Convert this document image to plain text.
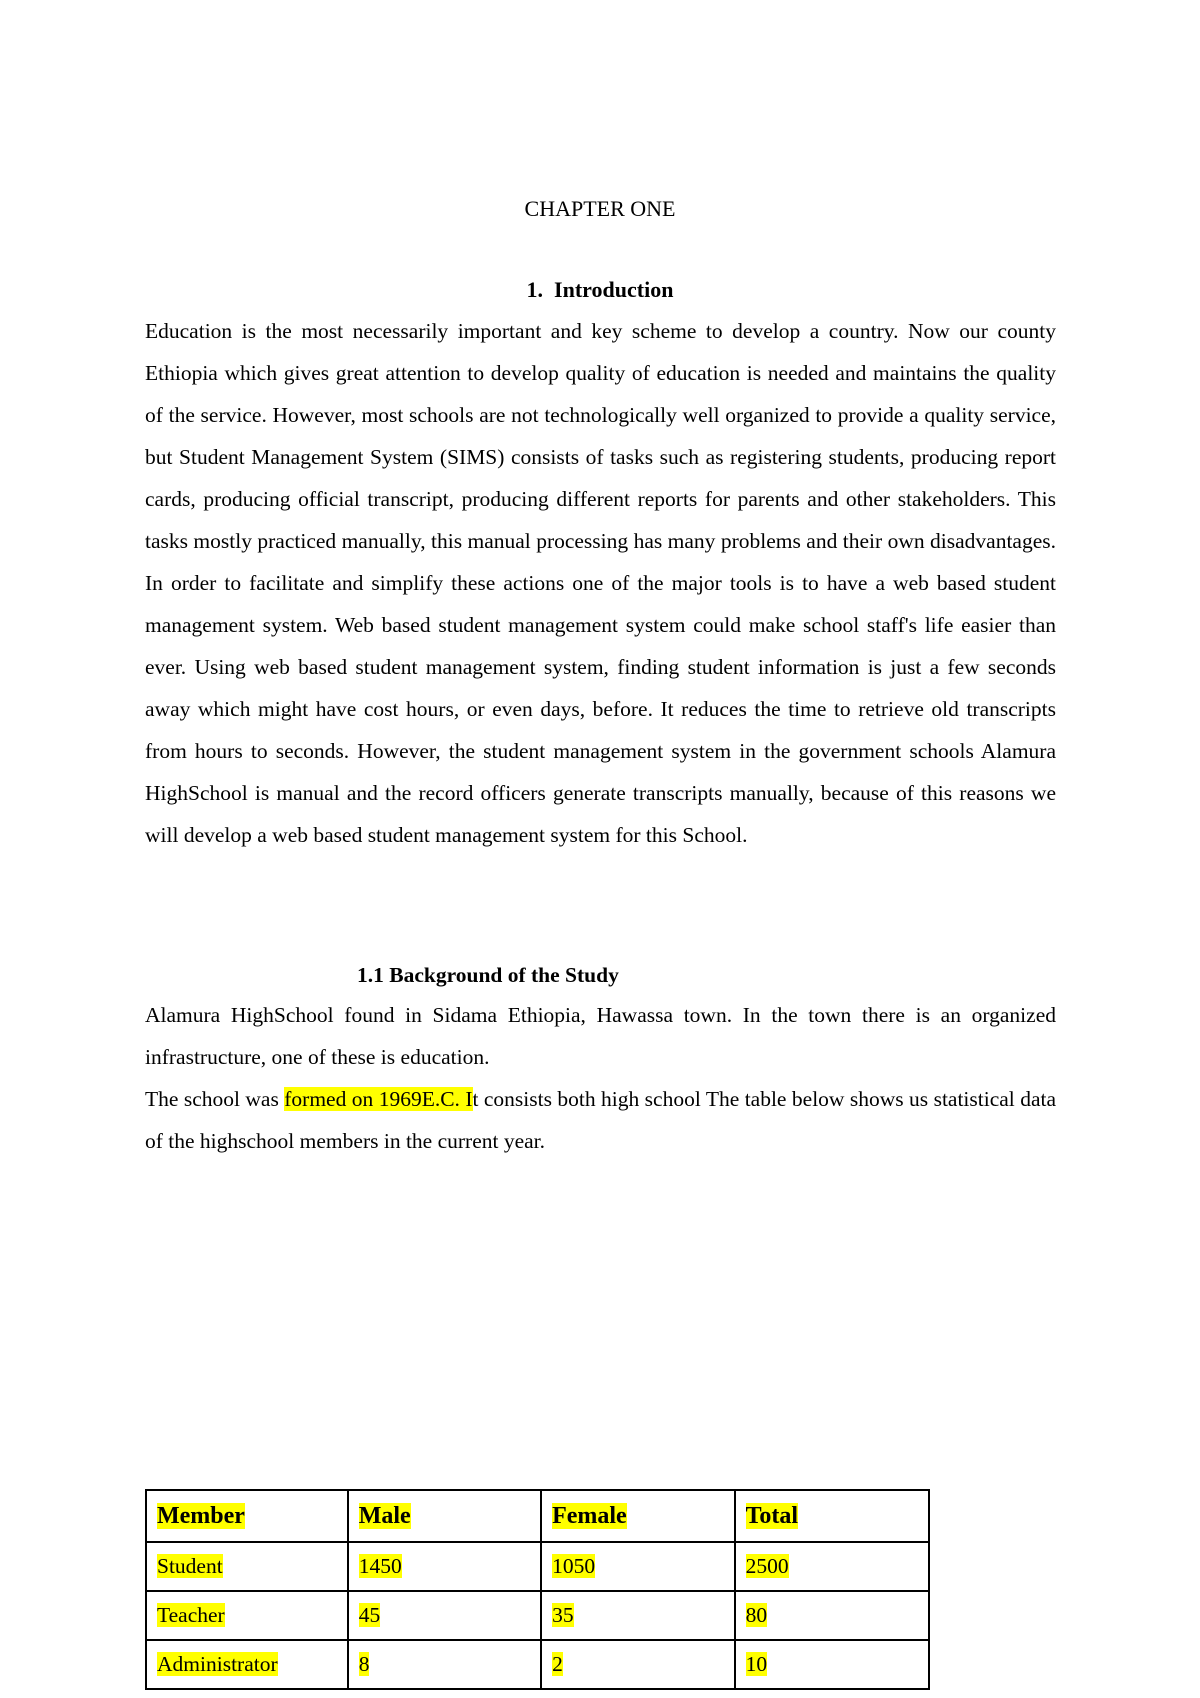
CHAPTER ONE
1. Introduction

Education is the most necessarily important and key scheme to develop a country. Now our county Ethiopia which gives great attention to develop quality of education is needed and maintains the quality of the service. However, most schools are not technologically well organized to provide a quality service, but Student Management System (SIMS) consists of tasks such as registering students, producing report cards, producing official transcript, producing different reports for parents and other stakeholders. This tasks mostly practiced manually, this manual processing has many problems and their own disadvantages. In order to facilitate and simplify these actions one of the major tools is to have a web based student management system. Web based student management system could make school staff's life easier than ever. Using web based student management system, finding student information is just a few seconds away which might have cost hours, or even days, before. It reduces the time to retrieve old transcripts from hours to seconds. However, the student management system in the government schools Alamura HighSchool is manual and the record officers generate transcripts manually, because of this reasons we will develop a web based student management system for this School.

1.1 Background of the Study

Alamura HighSchool found in Sidama Ethiopia, Hawassa town. In the town there is an organized infrastructure, one of these is education.

The school was formed on 1969E.C. It consists both high school The table below shows us statistical data of the highschool members in the current year.

Member	Male	Female	Total
Student	1450	1050	2500
Teacher	45	35	80
Administrator	8	2	10
